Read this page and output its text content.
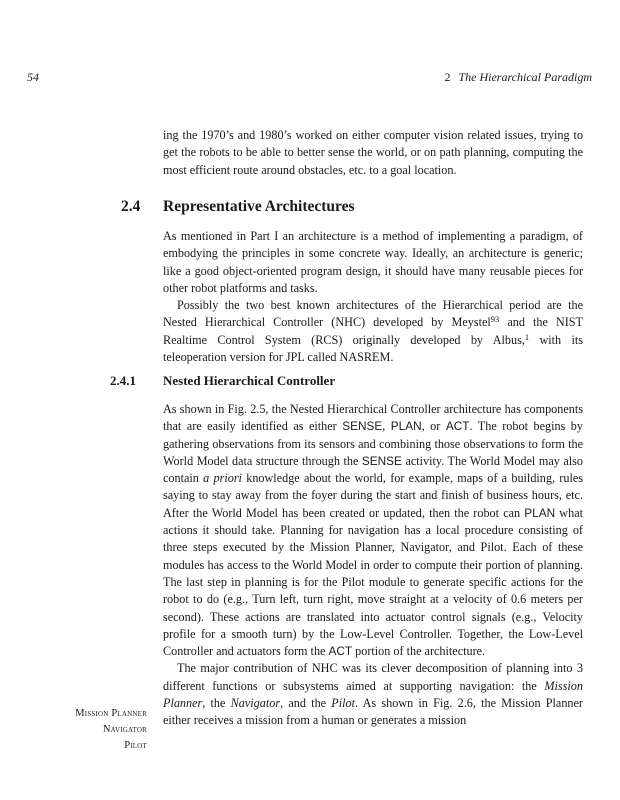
54	2 The Hierarchical Paradigm

ing the 1970’s and 1980’s worked on either computer vision related issues, trying to get the robots to be able to better sense the world, or on path planning, computing the most efficient route around obstacles, etc. to a goal location.

2.4 Representative Architectures

As mentioned in Part I an architecture is a method of implementing a paradigm, of embodying the principles in some concrete way. Ideally, an architecture is generic; like a good object-oriented program design, it should have many reusable pieces for other robot platforms and tasks.

Possibly the two best known architectures of the Hierarchical period are the Nested Hierarchical Controller (NHC) developed by Meystel$^{93}$ and the NIST Realtime Control System (RCS) originally developed by Albus,$^1$ with its teleoperation version for JPL called NASREM.

2.4.1 Nested Hierarchical Controller

As shown in Fig. 2.5, the Nested Hierarchical Controller architecture has components that are easily identified as either SENSE, PLAN, or ACT. The robot begins by gathering observations from its sensors and combining those observations to form the World Model data structure through the SENSE activity. The World Model may also contain a priori knowledge about the world, for example, maps of a building, rules saying to stay away from the foyer during the start and finish of business hours, etc. After the World Model has been created or updated, then the robot can PLAN what actions it should take. Planning for navigation has a local procedure consisting of three steps executed by the Mission Planner, Navigator, and Pilot. Each of these modules has access to the World Model in order to compute their portion of planning. The last step in planning is for the Pilot module to generate specific actions for the robot to do (e.g., Turn left, turn right, move straight at a velocity of 0.6 meters per second). These actions are translated into actuator control signals (e.g., Velocity profile for a smooth turn) by the Low-Level Controller. Together, the Low-Level Controller and actuators form the ACT portion of the architecture.

The major contribution of NHC was its clever decomposition of planning into 3 different functions or subsystems aimed at supporting navigation: the Mission Planner, the Navigator, and the Pilot. As shown in Fig. 2.6, the Mission Planner either receives a mission from a human or generates a mission

Mission Planner
Navigator
Pilot
